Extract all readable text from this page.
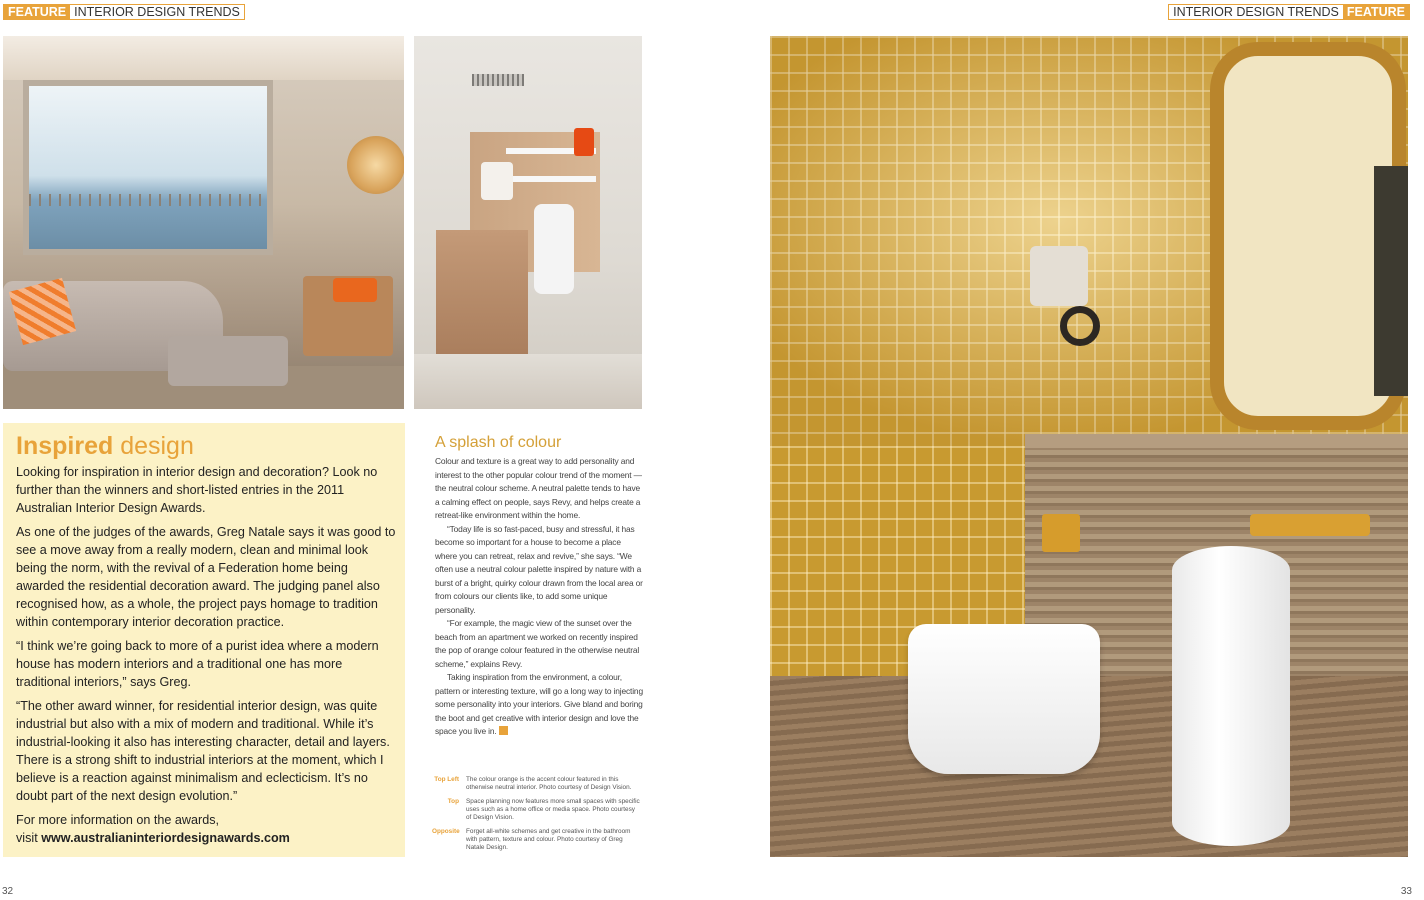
FEATURE INTERIOR DESIGN TRENDS	INTERIOR DESIGN TRENDS FEATURE
Inspired design

Looking for inspiration in interior design and decoration? Look no further than the winners and short-listed entries in the 2011 Australian Interior Design Awards.

As one of the judges of the awards, Greg Natale says it was good to see a move away from a really modern, clean and minimal look being the norm, with the revival of a Federation home being awarded the residential decoration award. The judging panel also recognised how, as a whole, the project pays homage to tradition within contemporary interior decoration practice.

“I think we’re going back to more of a purist idea where a modern house has modern interiors and a traditional one has more traditional interiors,” says Greg.

“The other award winner, for residential interior design, was quite industrial but also with a mix of modern and traditional. While it’s industrial-looking it also has interesting character, detail and layers. There is a strong shift to industrial interiors at the moment, which I believe is a reaction against minimalism and eclecticism. It’s no doubt part of the next design evolution.”

For more information on the awards,
visit www.australianinteriordesignawards.com

A splash of colour

Colour and texture is a great way to add personality and interest to the other popular colour trend of the moment — the neutral colour scheme. A neutral palette tends to have a calming effect on people, says Revy, and helps create a retreat-like environment within the home.

“Today life is so fast-paced, busy and stressful, it has become so important for a house to become a place where you can retreat, relax and revive,” she says. “We often use a neutral colour palette inspired by nature with a burst of a bright, quirky colour drawn from the local area or from colours our clients like, to add some unique personality.

“For example, the magic view of the sunset over the beach from an apartment we worked on recently inspired the pop of orange colour featured in the otherwise neutral scheme,” explains Revy.

Taking inspiration from the environment, a colour, pattern or interesting texture, will go a long way to injecting some personality into your interiors. Give bland and boring the boot and get creative with interior design and love the space you live in.

Top Left	The colour orange is the accent colour featured in this otherwise neutral interior. Photo courtesy of Design Vision.
Top	Space planning now features more small spaces with specific uses such as a home office or media space. Photo courtesy of Design Vision.
Opposite Forget all-white schemes and get creative in the bathroom with pattern, texture and colour. Photo courtesy of Greg Natale Design.
32	33
